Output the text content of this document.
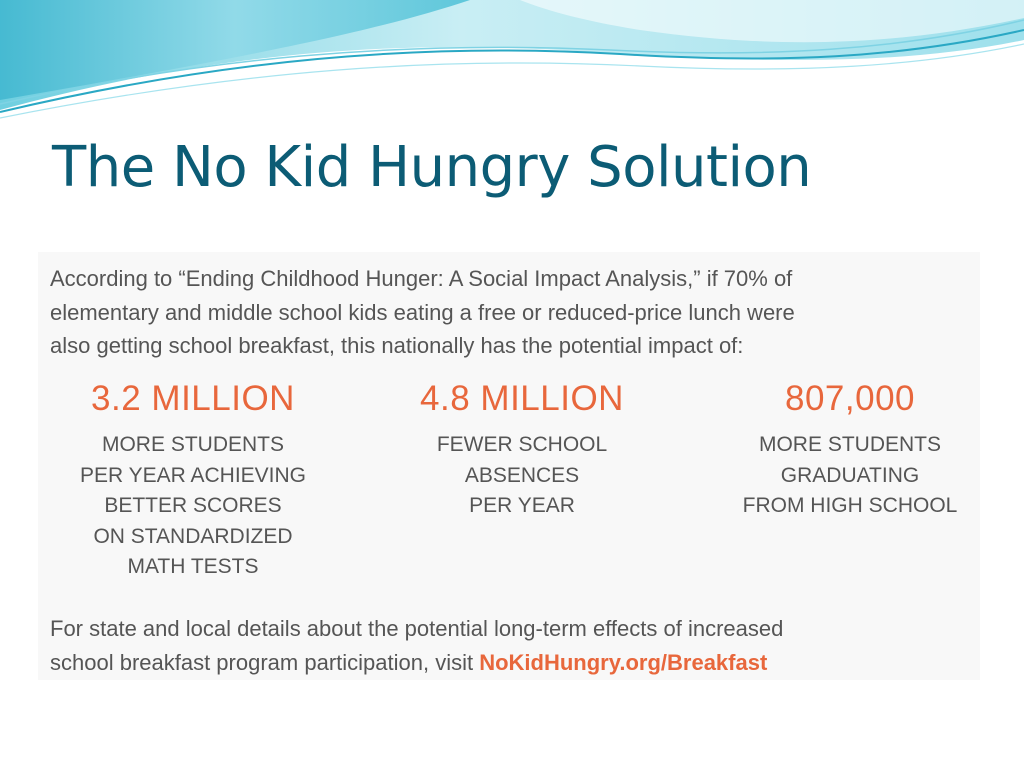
The No Kid Hungry Solution

According to “Ending Childhood Hunger: A Social Impact Analysis,” if 70% of
elementary and middle school kids eating a free or reduced-price lunch were
also getting school breakfast, this nationally has the potential impact of:

3.2 MILLION
MORE STUDENTS
PER YEAR ACHIEVING
BETTER SCORES
ON STANDARDIZED
MATH TESTS
4.8 MILLION
FEWER SCHOOL
ABSENCES
PER YEAR
807,000
MORE STUDENTS
GRADUATING
FROM HIGH SCHOOL

For state and local details about the potential long-term effects of increased
school breakfast program participation, visit NoKidHungry.org/Breakfast
